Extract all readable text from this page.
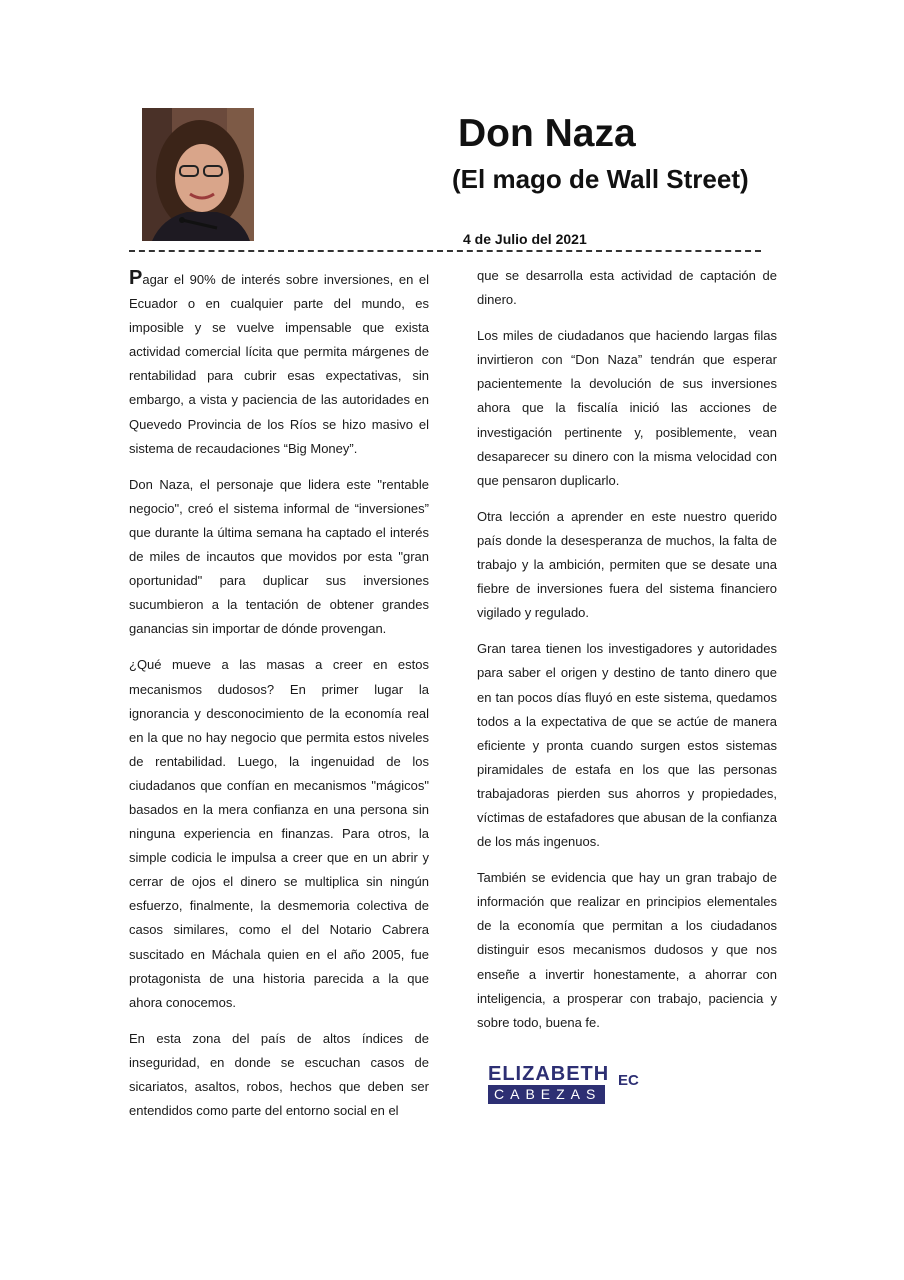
Don Naza
(El mago de Wall Street)
4 de Julio del 2021

Pagar el 90% de interés sobre inversiones, en el Ecuador o en cualquier parte del mundo, es imposible y se vuelve impensable que exista actividad comercial lícita que permita márgenes de rentabilidad para cubrir esas expectativas, sin embargo, a vista y paciencia de las autoridades en Quevedo Provincia de los Ríos se hizo masivo el sistema de recaudaciones “Big Money”.

Don Naza, el personaje que lidera este "rentable negocio", creó el sistema informal de “inversiones” que durante la última semana ha captado el interés de miles de incautos que movidos por esta "gran oportunidad" para duplicar sus inversiones sucumbieron a la tentación de obtener grandes ganancias sin importar de dónde provengan.

¿Qué mueve a las masas a creer en estos mecanismos dudosos? En primer lugar la ignorancia y desconocimiento de la economía real en la que no hay negocio que permita estos niveles de rentabilidad. Luego, la ingenuidad de los ciudadanos que confían en mecanismos "mágicos" basados en la mera confianza en una persona sin ninguna experiencia en finanzas. Para otros, la simple codicia le impulsa a creer que en un abrir y cerrar de ojos el dinero se multiplica sin ningún esfuerzo, finalmente, la desmemoria colectiva de casos similares, como el del Notario Cabrera suscitado en Máchala quien en el año 2005, fue protagonista de una historia parecida a la que ahora conocemos.

En esta zona del país de altos índices de inseguridad, en donde se escuchan casos de sicariatos, asaltos, robos, hechos que deben ser entendidos como parte del entorno social en el

que se desarrolla esta actividad de captación de dinero.

Los miles de ciudadanos que haciendo largas filas invirtieron con “Don Naza” tendrán que esperar pacientemente la devolución de sus inversiones ahora que la fiscalía inició las acciones de investigación pertinente y, posiblemente, vean desaparecer su dinero con la misma velocidad con que pensaron duplicarlo.

Otra lección a aprender en este nuestro querido país donde la desesperanza de muchos, la falta de trabajo y la ambición, permiten que se desate una fiebre de inversiones fuera del sistema financiero vigilado y regulado.

Gran tarea tienen los investigadores y autoridades para saber el origen y destino de tanto dinero que en tan pocos días fluyó en este sistema, quedamos todos a la expectativa de que se actúe de manera eficiente y pronta cuando surgen estos sistemas piramidales de estafa en los que las personas trabajadoras pierden sus ahorros y propiedades, víctimas de estafadores que abusan de la confianza de los más ingenuos.

También se evidencia que hay un gran trabajo de información que realizar en principios elementales de la economía que permitan a los ciudadanos distinguir esos mecanismos dudosos y que nos enseñe a invertir honestamente, a ahorrar con inteligencia, a prosperar con trabajo, paciencia y sobre todo, buena fe.

ELIZABETH
CABEZAS
EC
